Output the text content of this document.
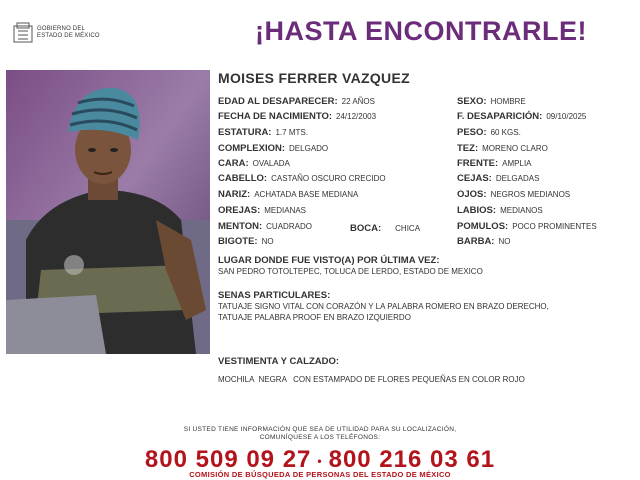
GOBIERNO DEL
ESTADO DE MÉXICO	¡HASTA ENCONTRARLE!
MOISES FERRER VAZQUEZ
EDAD AL DESAPARECER: 22 AÑOS
FECHA DE NACIMIENTO: 24/12/2003
ESTATURA: 1.7 MTS.
COMPLEXION: DELGADO
CARA: OVALADA
CABELLO: CASTAÑO OSCURO CRECIDO
NARIZ: ACHATADA BASE MEDIANA
OREJAS: MEDIANAS
MENTON: CUADRADO	BOCA: CHICA
BIGOTE: NO
SEXO: HOMBRE
F. DESAPARICIÓN: 09/10/2025
PESO: 60 KGS.
TEZ: MORENO CLARO
FRENTE: AMPLIA
CEJAS: DELGADAS
OJOS: NEGROS MEDIANOS
LABIOS: MEDIANOS
POMULOS: POCO PROMINENTES
BARBA: NO
LUGAR DONDE FUE VISTO(A) POR ÚLTIMA VEZ:
SAN PEDRO TOTOLTEPEC, TOLUCA DE LERDO, ESTADO DE MEXICO
SENAS PARTICULARES:
TATUAJE SIGNO VITAL CON CORAZÓN Y LA PALABRA ROMERO EN BRAZO DERECHO,
TATUAJE PALABRA PROOF EN BRAZO IZQUIERDO
VESTIMENTA Y CALZADO:
MOCHILA  NEGRA   CON ESTAMPADO DE FLORES PEQUEÑAS EN COLOR ROJO
SI USTED TIENE INFORMACIÓN QUE SEA DE UTILIDAD PARA SU LOCALIZACIÓN,
COMUNÍQUESE A LOS TELÉFONOS:
800 509 09 27 • 800 216 03 61
COMISIÓN DE BÚSQUEDA DE PERSONAS DEL ESTADO DE MÉXICO
